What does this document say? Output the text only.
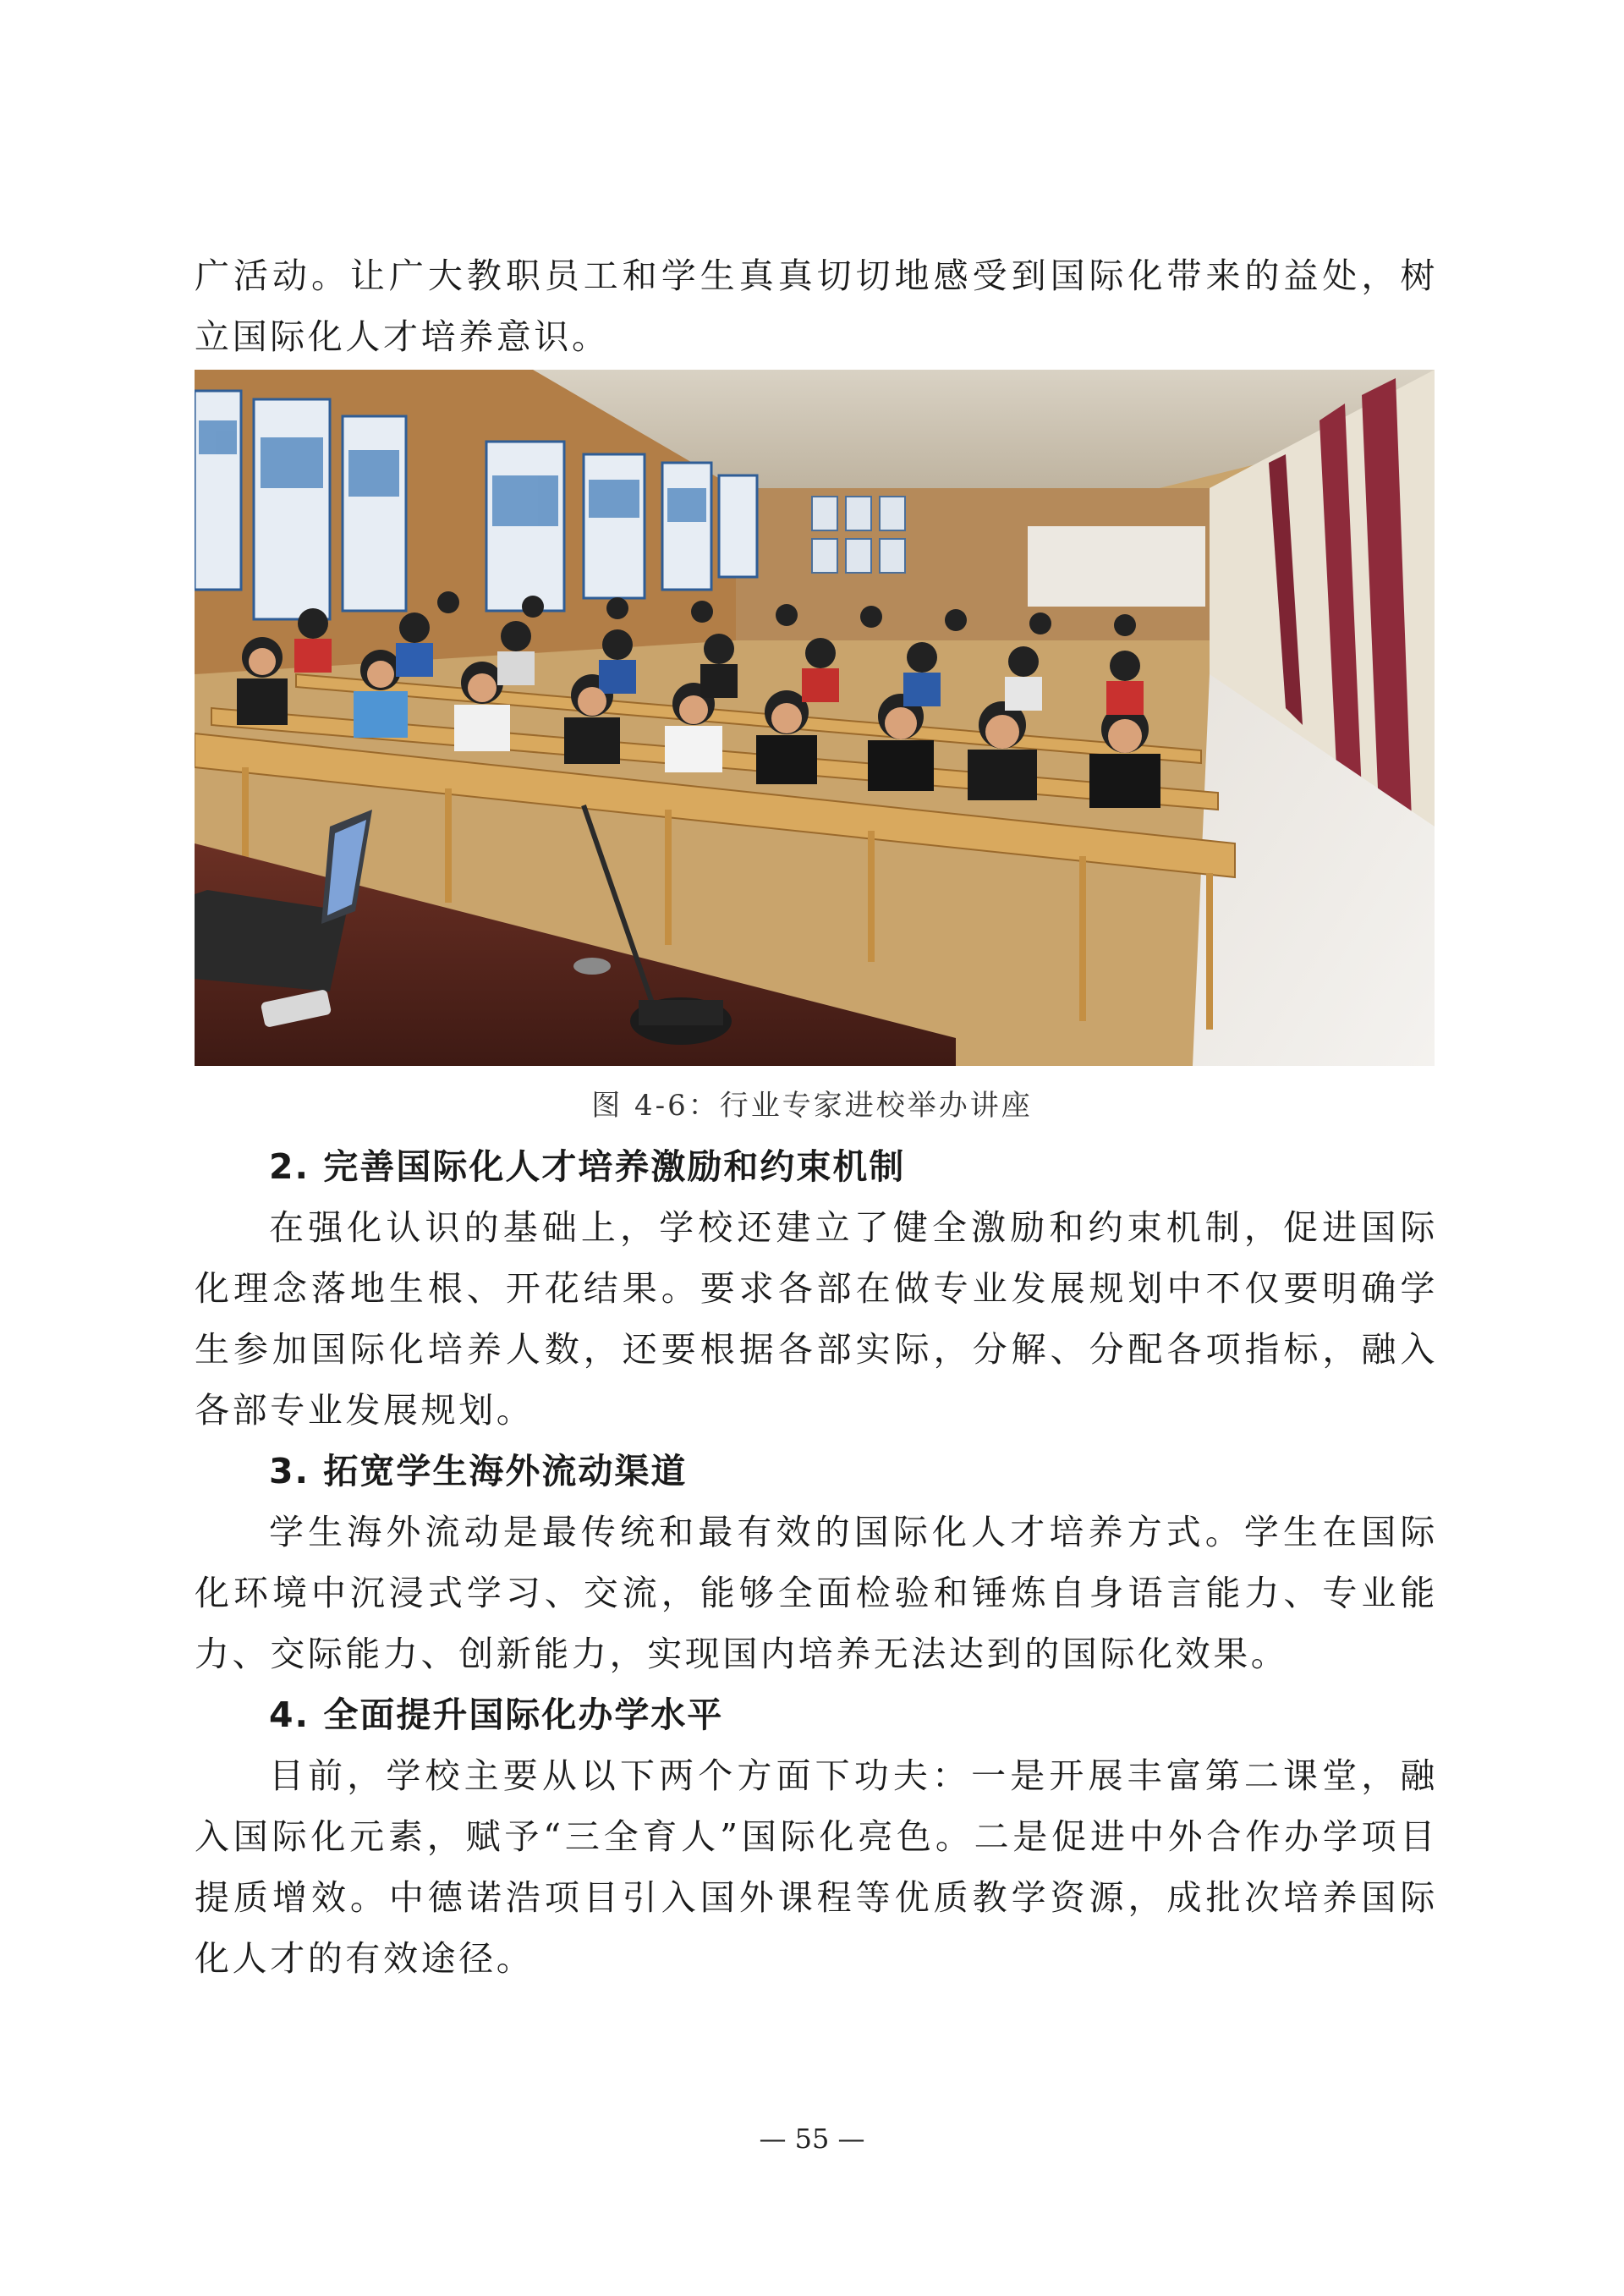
广活动。让广大教职员工和学生真真切切地感受到国际化带来的益处，树立国际化人才培养意识。

图 4-6：行业专家进校举办讲座

2. 完善国际化人才培养激励和约束机制

在强化认识的基础上，学校还建立了健全激励和约束机制，促进国际化理念落地生根、开花结果。要求各部在做专业发展规划中不仅要明确学生参加国际化培养人数，还要根据各部实际，分解、分配各项指标，融入各部专业发展规划。

3. 拓宽学生海外流动渠道

学生海外流动是最传统和最有效的国际化人才培养方式。学生在国际化环境中沉浸式学习、交流，能够全面检验和锤炼自身语言能力、专业能力、交际能力、创新能力，实现国内培养无法达到的国际化效果。

4. 全面提升国际化办学水平

目前，学校主要从以下两个方面下功夫：一是开展丰富第二课堂，融入国际化元素，赋予“三全育人”国际化亮色。二是促进中外合作办学项目提质增效。中德诺浩项目引入国外课程等优质教学资源，成批次培养国际化人才的有效途径。

— 55 —
